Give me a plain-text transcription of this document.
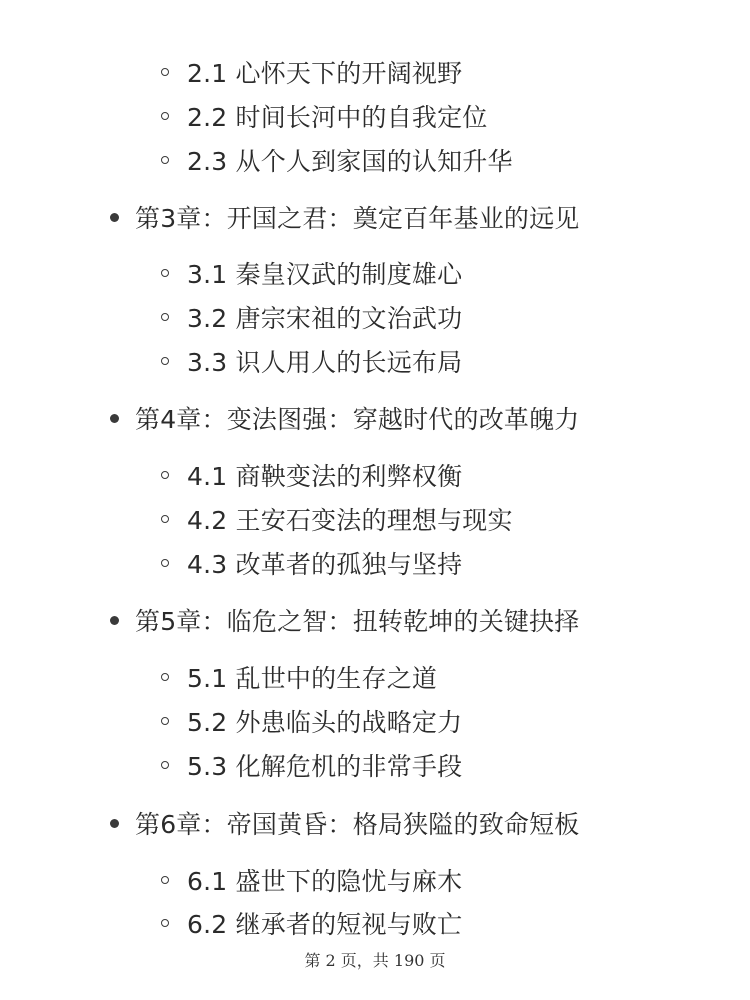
2.1 心怀天下的开阔视野
2.2 时间长河中的自我定位
2.3 从个人到家国的认知升华
第3章：开国之君：奠定百年基业的远见
3.1 秦皇汉武的制度雄心
3.2 唐宗宋祖的文治武功
3.3 识人用人的长远布局
第4章：变法图强：穿越时代的改革魄力
4.1 商鞅变法的利弊权衡
4.2 王安石变法的理想与现实
4.3 改革者的孤独与坚持
第5章：临危之智：扭转乾坤的关键抉择
5.1 乱世中的生存之道
5.2 外患临头的战略定力
5.3 化解危机的非常手段
第6章：帝国黄昏：格局狭隘的致命短板
6.1 盛世下的隐忧与麻木
6.2 继承者的短视与败亡
第 2 页，共 190 页
